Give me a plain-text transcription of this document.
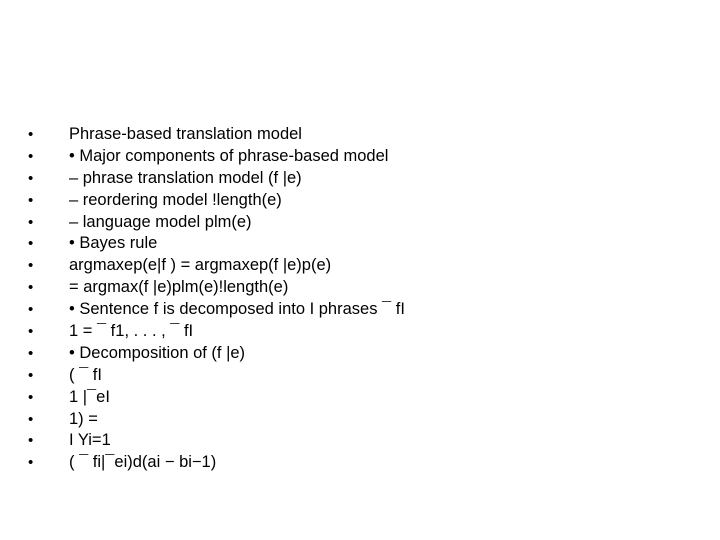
•	Phrase-based translation model
•	• Major components of phrase-based model
•	– phrase translation model (f |e)
•	– reordering model !length(e)
•	– language model plm(e)
•	• Bayes rule
•	argmaxep(e|f ) = argmaxep(f |e)p(e)
•	= argmax(f |e)plm(e)!length(e)
•	• Sentence f is decomposed into I phrases ¯ fI
•	1 = ¯ f1, . . . , ¯ fI
•	• Decomposition of (f |e)
•	( ¯ fI
•	1 |¯eI
•	1) =
•	I Yi=1
•	( ¯ fi|¯ei)d(ai − bi−1)
